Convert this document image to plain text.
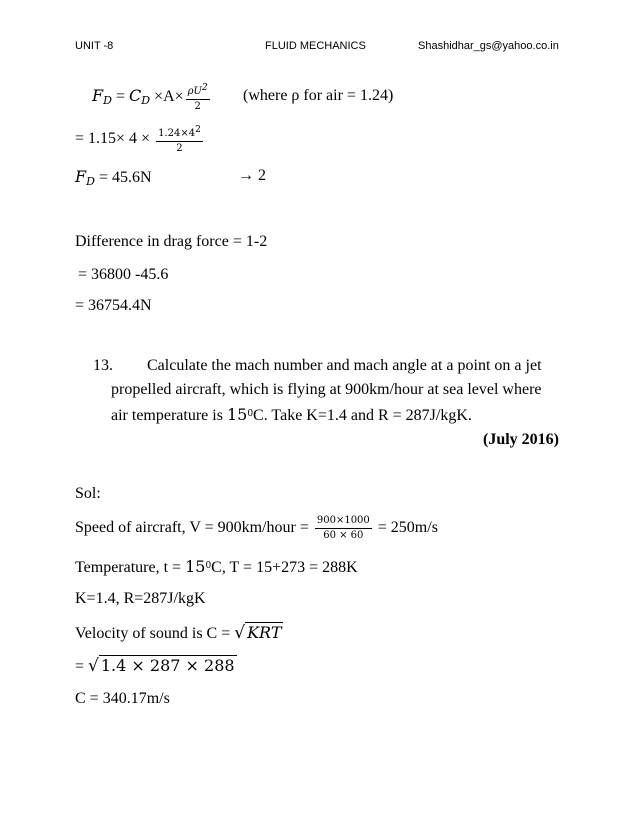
UNIT -8	FLUID MECHANICS	Shashidhar_gs@yahoo.co.in
$F_D = C_D \times A\times \frac{\rho U2}{2}$ (where ρ for air = 1.24)
= $1.15\times 4 \times \frac{1.24\times 42}{2}$
$F_D = 45.6N$	→ 2
Difference in drag force = 1-2
= 36800 -45.6
= 36754.4N
13. Calculate the mach number and mach angle at a point on a jet
propelled aircraft, which is flying at 900km/hour at sea level where
air temperature is $15^0C$. Take K=1.4 and R = 287J/kgK.
(July 2016)
Sol:
Speed of aircraft, V = 900km/hour = $\frac{900\times 1000}{60 \times 60} = 250m/s$
Temperature, $t = 15^0C$, T = 15+273 = 288K
K=1.4, R=287J/kgK
Velocity of sound is C = √ KRT
= √ 1.4 × 287 × 288
C = 340.17m/s
